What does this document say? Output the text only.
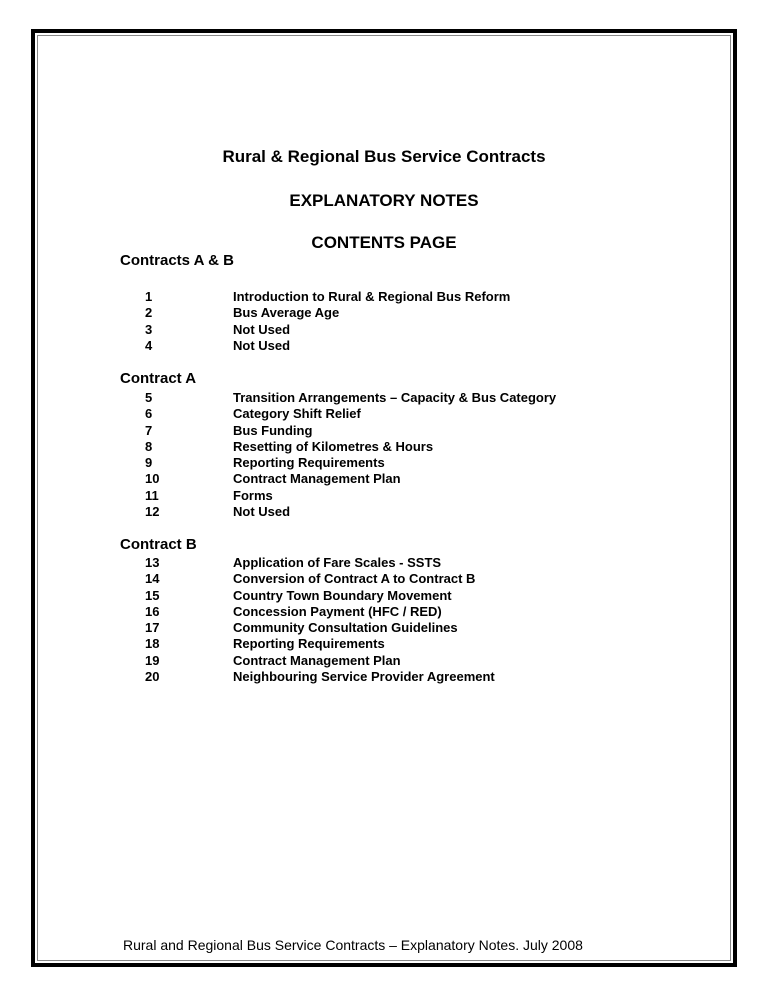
Rural & Regional Bus Service Contracts
EXPLANATORY NOTES
CONTENTS PAGE
Contracts A & B
1	Introduction to Rural & Regional Bus Reform
2	Bus Average Age
3	Not Used
4	Not Used
Contract A
5	Transition Arrangements – Capacity & Bus Category
6	Category Shift Relief
7	Bus Funding
8	Resetting of Kilometres & Hours
9	Reporting Requirements
10	Contract Management Plan
11	Forms
12	Not Used
Contract B
13	Application of Fare Scales - SSTS
14	Conversion of Contract A to Contract B
15	Country Town Boundary Movement
16	Concession Payment (HFC / RED)
17	Community Consultation Guidelines
18	Reporting Requirements
19	Contract Management Plan
20	Neighbouring Service Provider Agreement
Rural and Regional Bus Service Contracts – Explanatory Notes. July 2008
